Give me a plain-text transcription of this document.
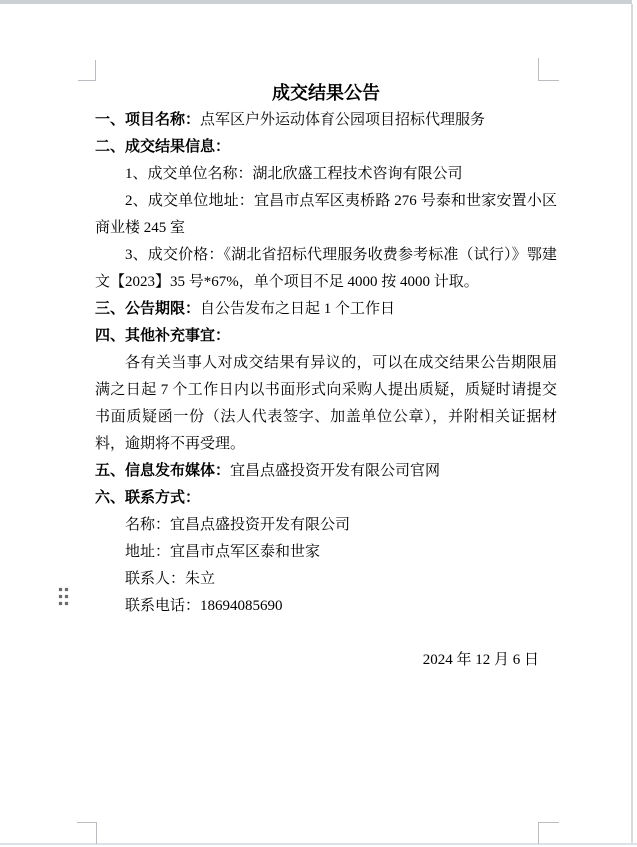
成交结果公告

一、项目名称：点军区户外运动体育公园项目招标代理服务

二、成交结果信息：

1、成交单位名称：湖北欣盛工程技术咨询有限公司

2、成交单位地址：宜昌市点军区夷桥路 276 号泰和世家安置小区商业楼 245 室

3、成交价格：《湖北省招标代理服务收费参考标准（试行）》鄂建文【2023】35 号*67%，单个项目不足 4000 按 4000 计取。

三、公告期限：自公告发布之日起 1 个工作日

四、其他补充事宜：

各有关当事人对成交结果有异议的，可以在成交结果公告期限届满之日起 7 个工作日内以书面形式向采购人提出质疑，质疑时请提交书面质疑函一份（法人代表签字、加盖单位公章），并附相关证据材料，逾期将不再受理。

五、信息发布媒体：宜昌点盛投资开发有限公司官网

六、联系方式：

名称：宜昌点盛投资开发有限公司

地址：宜昌市点军区泰和世家

联系人：朱立

联系电话：18694085690

2024 年 12 月 6 日
